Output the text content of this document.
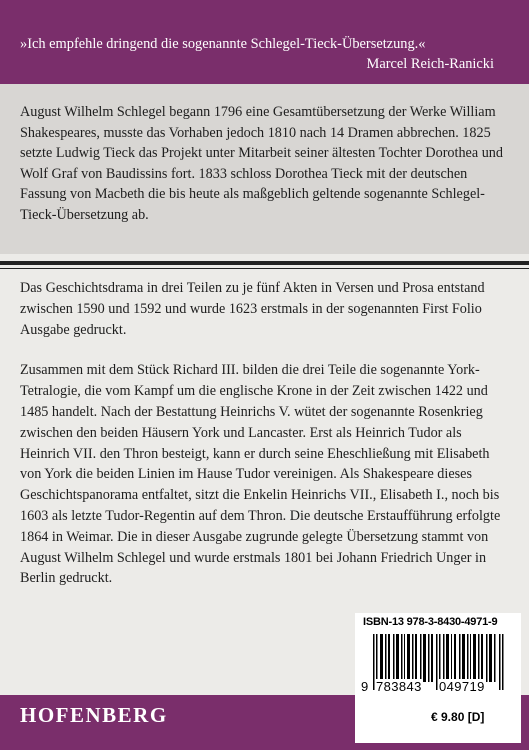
»Ich empfehle dringend die sogenannte Schlegel-Tieck-Übersetzung.«
Marcel Reich-Ranicki

August Wilhelm Schlegel begann 1796 eine Gesamtübersetzung der Werke William Shakespeares, musste das Vorhaben jedoch 1810 nach 14 Dramen abbrechen. 1825 setzte Ludwig Tieck das Projekt unter Mitarbeit seiner ältesten Tochter Dorothea und Wolf Graf von Baudissins fort. 1833 schloss Dorothea Tieck mit der deutschen Fassung von Macbeth die bis heute als maßgeblich geltende sogenannte Schlegel-Tieck-Übersetzung ab.

Das Geschichtsdrama in drei Teilen zu je fünf Akten in Versen und Prosa entstand zwischen 1590 und 1592 und wurde 1623 erstmals in der sogenannten First Folio Ausgabe gedruckt.

Zusammen mit dem Stück Richard III. bilden die drei Teile die sogenannte York-Tetralogie, die vom Kampf um die englische Krone in der Zeit zwischen 1422 und 1485 handelt. Nach der Bestattung Heinrichs V. wütet der sogenannte Rosenkrieg zwischen den beiden Häusern York und Lancaster. Erst als Heinrich Tudor als Heinrich VII. den Thron besteigt, kann er durch seine Eheschließung mit Elisabeth von York die beiden Linien im Hause Tudor vereinigen. Als Shakespeare dieses Geschichtspanorama entfaltet, sitzt die Enkelin Heinrichs VII., Elisabeth I., noch bis 1603 als letzte Tudor-Regentin auf dem Thron. Die deutsche Erstaufführung erfolgte 1864 in Weimar. Die in dieser Ausgabe zugrunde gelegte Übersetzung stammt von August Wilhelm Schlegel und wurde erstmals 1801 bei Johann Friedrich Unger in Berlin gedruckt.

HOFENBERG
ISBN-13 978-3-8430-4971-9
9 783843 049719
€ 9.80 [D]
